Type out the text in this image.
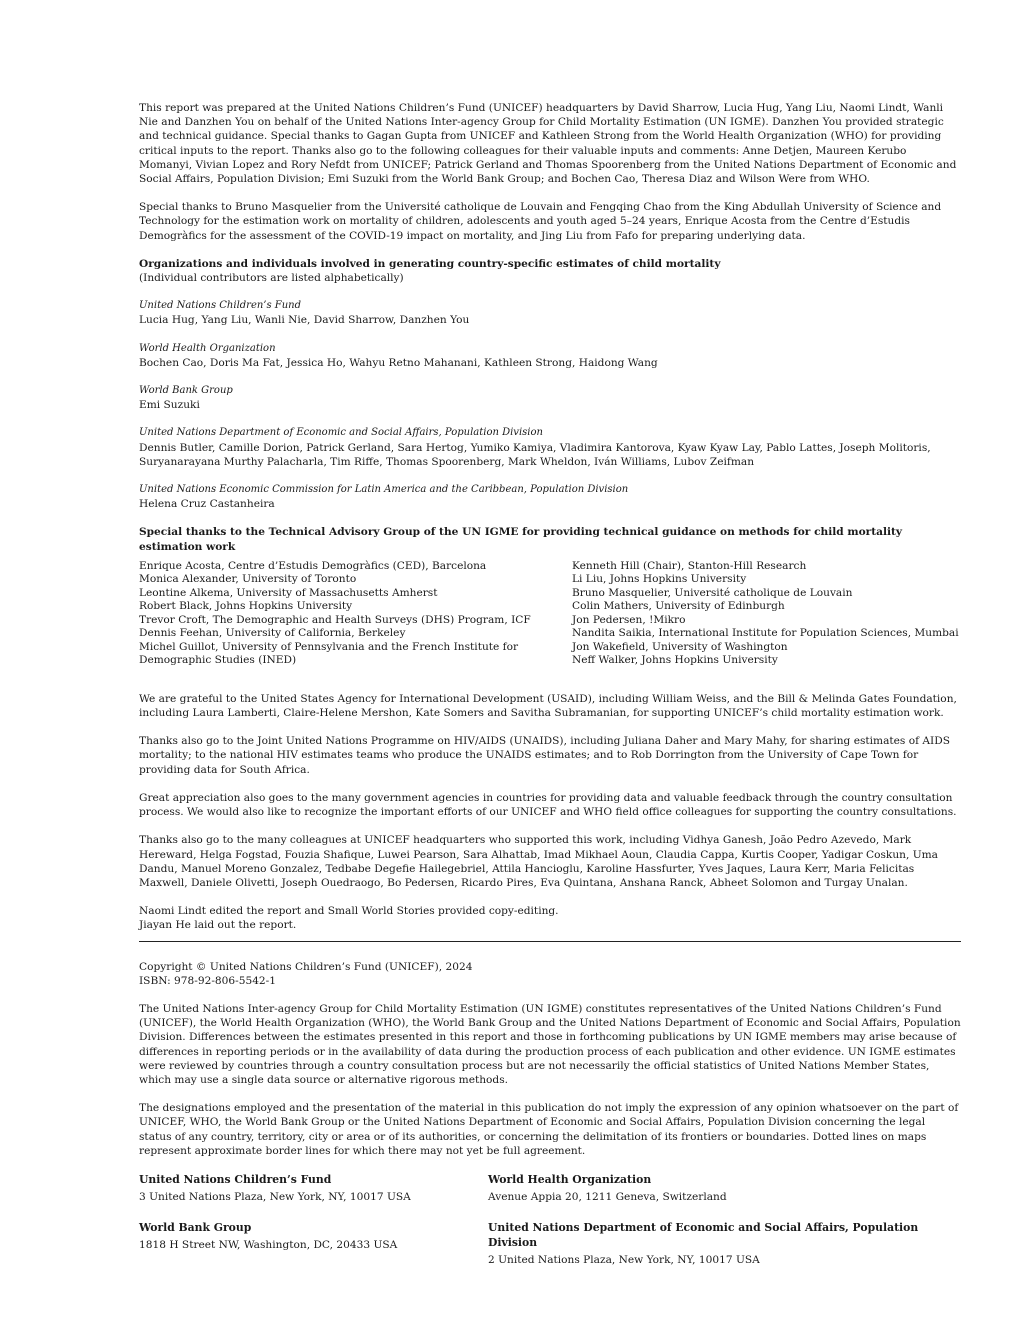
This report was prepared at the United Nations Children’s Fund (UNICEF) headquarters by David Sharrow, Lucia Hug, Yang Liu, Naomi Lindt, Wanli Nie and Danzhen You on behalf of the United Nations Inter-agency Group for Child Mortality Estimation (UN IGME). Danzhen You provided strategic and technical guidance. Special thanks to Gagan Gupta from UNICEF and Kathleen Strong from the World Health Organization (WHO) for providing critical inputs to the report. Thanks also go to the following colleagues for their valuable inputs and comments: Anne Detjen, Maureen Kerubo Momanyi, Vivian Lopez and Rory Nefdt from UNICEF; Patrick Gerland and Thomas Spoorenberg from the United Nations Department of Economic and Social Affairs, Population Division; Emi Suzuki from the World Bank Group; and Bochen Cao, Theresa Diaz and Wilson Were from WHO.

Special thanks to Bruno Masquelier from the Université catholique de Louvain and Fengqing Chao from the King Abdullah University of Science and Technology for the estimation work on mortality of children, adolescents and youth aged 5–24 years, Enrique Acosta from the Centre d’Estudis Demogràfics for the assessment of the COVID-19 impact on mortality, and Jing Liu from Fafo for preparing underlying data.

Organizations and individuals involved in generating country-specific estimates of child mortality

(Individual contributors are listed alphabetically)

United Nations Children’s Fund

Lucia Hug, Yang Liu, Wanli Nie, David Sharrow, Danzhen You

World Health Organization

Bochen Cao, Doris Ma Fat, Jessica Ho, Wahyu Retno Mahanani, Kathleen Strong, Haidong Wang

World Bank Group

Emi Suzuki

United Nations Department of Economic and Social Affairs, Population Division

Dennis Butler, Camille Dorion, Patrick Gerland, Sara Hertog, Yumiko Kamiya, Vladimira Kantorova, Kyaw Kyaw Lay, Pablo Lattes, Joseph Molitoris, Suryanarayana Murthy Palacharla, Tim Riffe, Thomas Spoorenberg, Mark Wheldon, Iván Williams, Lubov Zeifman

United Nations Economic Commission for Latin America and the Caribbean, Population Division

Helena Cruz Castanheira

Special thanks to the Technical Advisory Group of the UN IGME for providing technical guidance on methods for child mortality estimation work

Enrique Acosta, Centre d’Estudis Demogràfics (CED), Barcelona
Monica Alexander, University of Toronto
Leontine Alkema, University of Massachusetts Amherst
Robert Black, Johns Hopkins University
Trevor Croft, The Demographic and Health Surveys (DHS) Program, ICF
Dennis Feehan, University of California, Berkeley
Michel Guillot, University of Pennsylvania and the French Institute for
Demographic Studies (INED)
Kenneth Hill (Chair), Stanton-Hill Research
Li Liu, Johns Hopkins University
Bruno Masquelier, Université catholique de Louvain
Colin Mathers, University of Edinburgh
Jon Pedersen, !Mikro
Nandita Saikia, International Institute for Population Sciences, Mumbai
Jon Wakefield, University of Washington
Neff Walker, Johns Hopkins University

We are grateful to the United States Agency for International Development (USAID), including William Weiss, and the Bill & Melinda Gates Foundation, including Laura Lamberti, Claire-Helene Mershon, Kate Somers and Savitha Subramanian, for supporting UNICEF’s child mortality estimation work.

Thanks also go to the Joint United Nations Programme on HIV/AIDS (UNAIDS), including Juliana Daher and Mary Mahy, for sharing estimates of AIDS mortality; to the national HIV estimates teams who produce the UNAIDS estimates; and to Rob Dorrington from the University of Cape Town for providing data for South Africa.

Great appreciation also goes to the many government agencies in countries for providing data and valuable feedback through the country consultation process. We would also like to recognize the important efforts of our UNICEF and WHO field office colleagues for supporting the country consultations.

Thanks also go to the many colleagues at UNICEF headquarters who supported this work, including Vidhya Ganesh, João Pedro Azevedo, Mark Hereward, Helga Fogstad, Fouzia Shafique, Luwei Pearson, Sara Alhattab, Imad Mikhael Aoun, Claudia Cappa, Kurtis Cooper, Yadigar Coskun, Uma Dandu, Manuel Moreno Gonzalez, Tedbabe Degefie Hailegebriel, Attila Hancioglu, Karoline Hassfurter, Yves Jaques, Laura Kerr, Maria Felicitas Maxwell, Daniele Olivetti, Joseph Ouedraogo, Bo Pedersen, Ricardo Pires, Eva Quintana, Anshana Ranck, Abheet Solomon and Turgay Unalan.

Naomi Lindt edited the report and Small World Stories provided copy-editing.

Jiayan He laid out the report.

Copyright © United Nations Children’s Fund (UNICEF), 2024

ISBN: 978-92-806-5542-1

The United Nations Inter-agency Group for Child Mortality Estimation (UN IGME) constitutes representatives of the United Nations Children’s Fund (UNICEF), the World Health Organization (WHO), the World Bank Group and the United Nations Department of Economic and Social Affairs, Population Division. Differences between the estimates presented in this report and those in forthcoming publications by UN IGME members may arise because of differences in reporting periods or in the availability of data during the production process of each publication and other evidence. UN IGME estimates were reviewed by countries through a country consultation process but are not necessarily the official statistics of United Nations Member States, which may use a single data source or alternative rigorous methods.

The designations employed and the presentation of the material in this publication do not imply the expression of any opinion whatsoever on the part of UNICEF, WHO, the World Bank Group or the United Nations Department of Economic and Social Affairs, Population Division concerning the legal status of any country, territory, city or area or of its authorities, or concerning the delimitation of its frontiers or boundaries. Dotted lines on maps represent approximate border lines for which there may not yet be full agreement.

United Nations Children’s Fund

3 United Nations Plaza, New York, NY, 10017 USA

World Health Organization

Avenue Appia 20, 1211 Geneva, Switzerland

World Bank Group

1818 H Street NW, Washington, DC, 20433 USA

United Nations Department of Economic and Social Affairs, Population Division

2 United Nations Plaza, New York, NY, 10017 USA
